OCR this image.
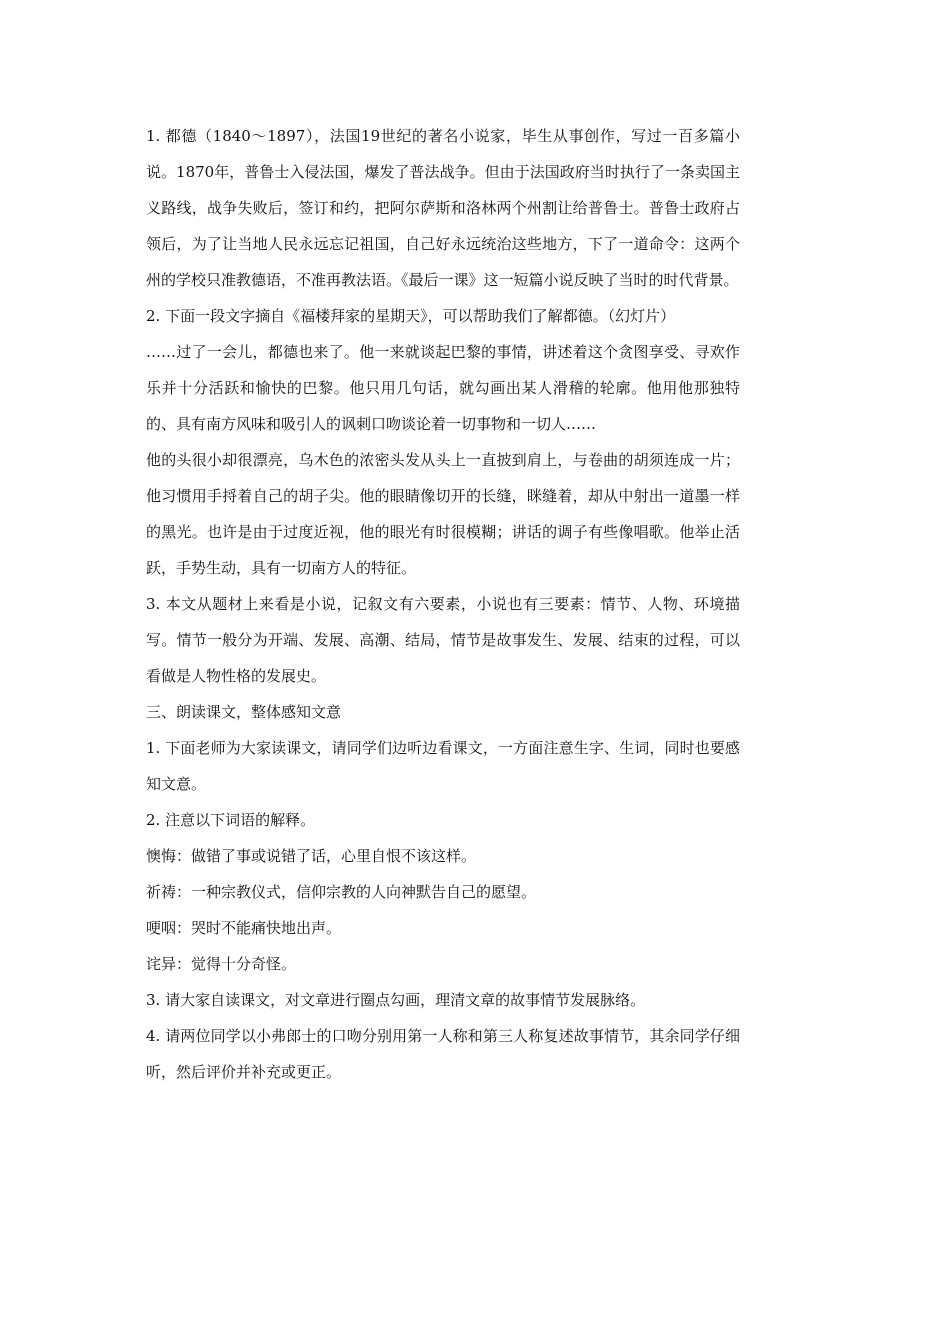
1. 都德（1840～1897），法国19世纪的著名小说家，毕生从事创作，写过一百多篇小说。1870年，普鲁士入侵法国，爆发了普法战争。但由于法国政府当时执行了一条卖国主义路线，战争失败后，签订和约，把阿尔萨斯和洛林两个州割让给普鲁士。普鲁士政府占领后，为了让当地人民永远忘记祖国，自己好永远统治这些地方，下了一道命令：这两个州的学校只准教德语，不准再教法语。《最后一课》这一短篇小说反映了当时的时代背景。

2. 下面一段文字摘自《福楼拜家的星期天》，可以帮助我们了解都德。（幻灯片）

……过了一会儿，都德也来了。他一来就谈起巴黎的事情，讲述着这个贪图享受、寻欢作乐并十分活跃和愉快的巴黎。他只用几句话，就勾画出某人滑稽的轮廓。他用他那独特的、具有南方风味和吸引人的讽刺口吻谈论着一切事物和一切人……

他的头很小却很漂亮，乌木色的浓密头发从头上一直披到肩上，与卷曲的胡须连成一片；他习惯用手捋着自己的胡子尖。他的眼睛像切开的长缝，眯缝着，却从中射出一道墨一样的黑光。也许是由于过度近视，他的眼光有时很模糊；讲话的调子有些像唱歌。他举止活跃，手势生动，具有一切南方人的特征。

3. 本文从题材上来看是小说，记叙文有六要素，小说也有三要素：情节、人物、环境描写。情节一般分为开端、发展、高潮、结局，情节是故事发生、发展、结束的过程，可以看做是人物性格的发展史。

三、朗读课文，整体感知文意

1. 下面老师为大家读课文，请同学们边听边看课文，一方面注意生字、生词，同时也要感知文意。

2. 注意以下词语的解释。

懊悔：做错了事或说错了话，心里自恨不该这样。

祈祷：一种宗教仪式，信仰宗教的人向神默告自己的愿望。

哽咽：哭时不能痛快地出声。

诧异：觉得十分奇怪。

3. 请大家自读课文，对文章进行圈点勾画，理清文章的故事情节发展脉络。

4. 请两位同学以小弗郎士的口吻分别用第一人称和第三人称复述故事情节，其余同学仔细听，然后评价并补充或更正。
